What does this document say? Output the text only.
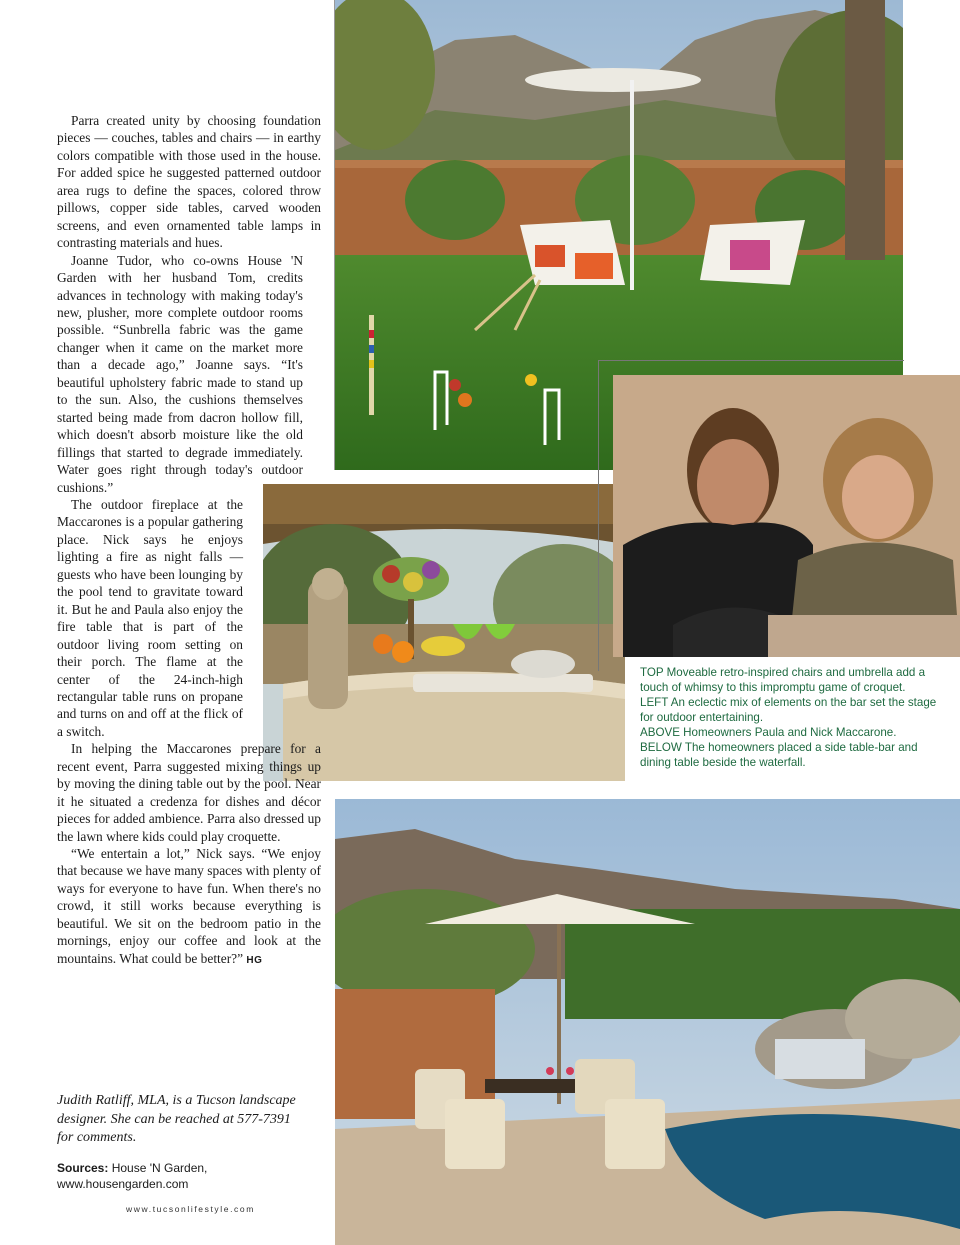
Parra created unity by choosing foundation pieces — couches, tables and chairs — in earthy colors compatible with those used in the house. For added spice he suggested patterned outdoor area rugs to define the spaces, colored throw pillows, copper side tables, carved wooden screens, and even ornamented table lamps in contrasting materials and hues.

Joanne Tudor, who co-owns House 'N Garden with her husband Tom, credits advances in technology with making today's new, plusher, more complete outdoor rooms possible. “Sunbrella fabric was the game changer when it came on the market more than a decade ago,” Joanne says. “It's beautiful upholstery fabric made to stand up to the sun. Also, the cushions themselves started being made from dacron hollow fill, which doesn't absorb moisture like the old fillings that started to degrade immediately. Water goes right through today's outdoor cushions.”

The outdoor fireplace at the Maccarones is a popular gathering place. Nick says he enjoys lighting a fire as night falls — guests who have been lounging by the pool tend to gravitate toward it. But he and Paula also enjoy the fire table that is part of the outdoor living room setting on their porch. The flame at the center of the 24-inch-high rectangular table runs on propane and turns on and off at the flick of a switch.

In helping the Maccarones prepare for a recent event, Parra suggested mixing things up by moving the dining table out by the pool. Near it he situated a credenza for dishes and décor pieces for added ambience. Parra also dressed up the lawn where kids could play croquette.

“We entertain a lot,” Nick says. “We enjoy that because we have many spaces with plenty of ways for everyone to have fun. When there's no crowd, it still works because everything is beautiful. We sit on the bedroom patio in the mornings, enjoy our coffee and look at the mountains. What could be better?” HG

Judith Ratliff, MLA, is a Tucson landscape designer. She can be reached at 577-7391 for comments.
Sources: House 'N Garden, www.housengarden.com
www.tucsonlifestyle.com

TOP Moveable retro-inspired chairs and umbrella add a touch of whimsy to this impromptu game of croquet.

LEFT An eclectic mix of elements on the bar set the stage for outdoor entertaining.

ABOVE Homeowners Paula and Nick Maccarone.

BELOW The homeowners placed a side table-bar and dining table beside the waterfall.
